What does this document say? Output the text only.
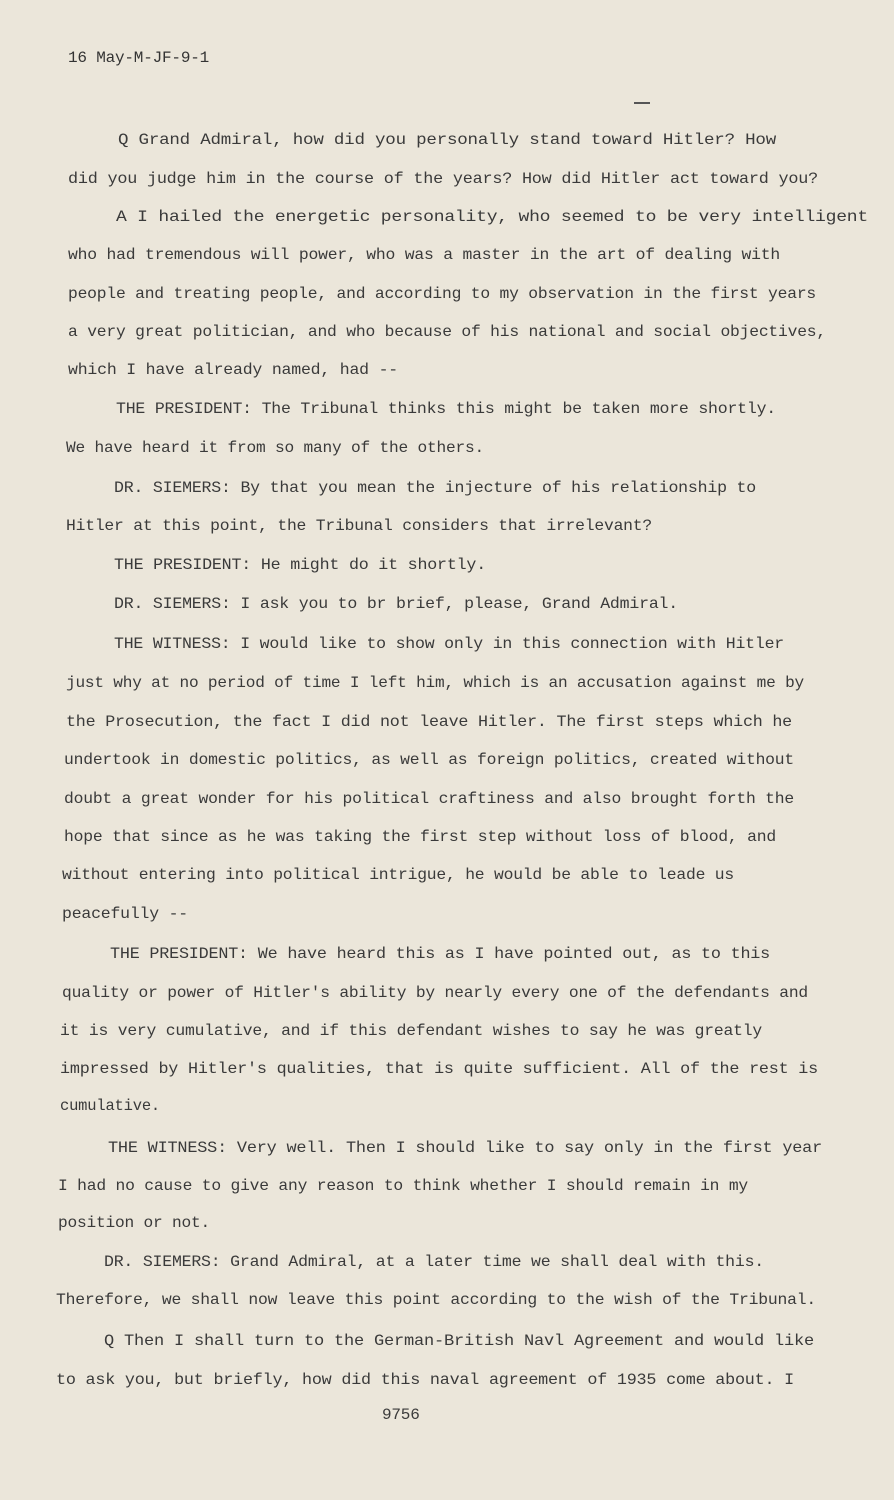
16 May-M-JF-9-1
Q Grand Admiral, how did you personally stand toward Hitler? How
did you judge him in the course of the years? How did Hitler act toward you?
A I hailed the energetic personality, who seemed to be very intelligent
who had tremendous will power, who was a master in the art of dealing with
people and treating people, and according to my observation in the first years
a very great politician, and who because of his national and social objectives,
which I have already named, had --
THE PRESIDENT: The Tribunal thinks this might be taken more shortly.
We have heard it from so many of the others.
DR. SIEMERS: By that you mean the injecture of his relationship to
Hitler at this point, the Tribunal considers that irrelevant?
THE PRESIDENT: He might do it shortly.
DR. SIEMERS: I ask you to br brief, please, Grand Admiral.
THE WITNESS: I would like to show only in this connection with Hitler
just why at no period of time I left him, which is an accusation against me by
the Prosecution, the fact I did not leave Hitler. The first steps which he
undertook in domestic politics, as well as foreign politics, created without
doubt a great wonder for his political craftiness and also brought forth the
hope that since as he was taking the first step without loss of blood, and
without entering into political intrigue, he would be able to leade us
peacefully --
THE PRESIDENT: We have heard this as I have pointed out, as to this
quality or power of Hitler's ability by nearly every one of the defendants and
it is very cumulative, and if this defendant wishes to say he was greatly
impressed by Hitler's qualities, that is quite sufficient. All of the rest is
cumulative.
THE WITNESS: Very well. Then I should like to say only in the first year
I had no cause to give any reason to think whether I should remain in my
position or not.
DR. SIEMERS: Grand Admiral, at a later time we shall deal with this.
Therefore, we shall now leave this point according to the wish of the Tribunal.
Q Then I shall turn to the German-British Navl Agreement and would like
to ask you, but briefly, how did this naval agreement of 1935 come about. I
9756
